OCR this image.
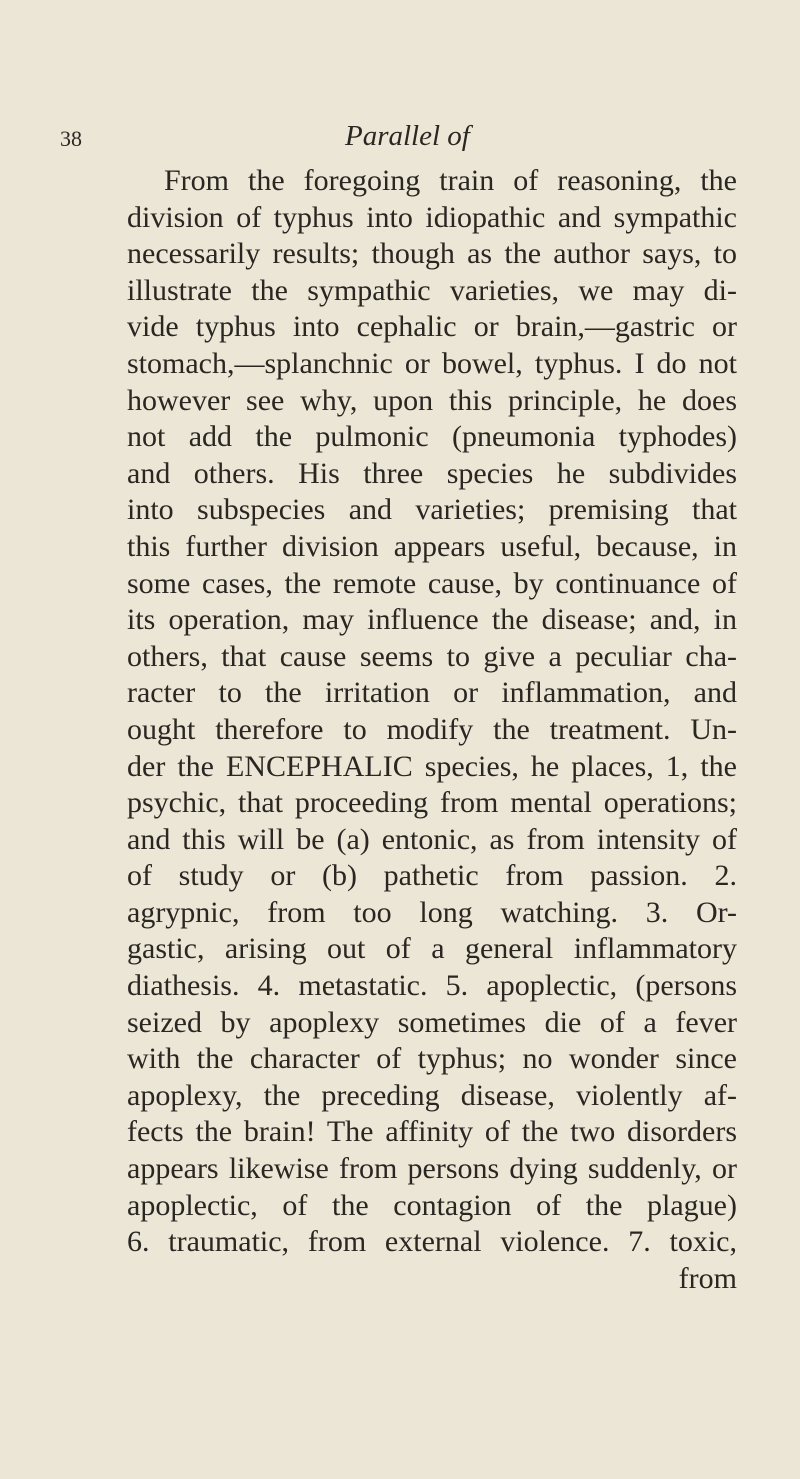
38	Parallel of
From the foregoing train of reasoning, the
division of typhus into idiopathic and sympathic
necessarily results; though as the author says, to
illustrate the sympathic varieties, we may di-
vide typhus into cephalic or brain,—gastric or
stomach,—splanchnic or bowel, typhus. I do not
however see why, upon this principle, he does
not add the pulmonic (pneumonia typhodes)
and others. His three species he subdivides
into subspecies and varieties; premising that
this further division appears useful, because, in
some cases, the remote cause, by continuance of
its operation, may influence the disease; and, in
others, that cause seems to give a peculiar cha-
racter to the irritation or inflammation, and
ought therefore to modify the treatment. Un-
der the ENCEPHALIC species, he places, 1, the
psychic, that proceeding from mental operations;
and this will be (a) entonic, as from intensity of
of study or (b) pathetic from passion. 2.
agrypnic, from too long watching. 3. Or-
gastic, arising out of a general inflammatory
diathesis. 4. metastatic. 5. apoplectic, (persons
seized by apoplexy sometimes die of a fever
with the character of typhus; no wonder since
apoplexy, the preceding disease, violently af-
fects the brain! The affinity of the two disorders
appears likewise from persons dying suddenly, or
apoplectic, of the contagion of the plague)
6. traumatic, from external violence. 7. toxic,
from
